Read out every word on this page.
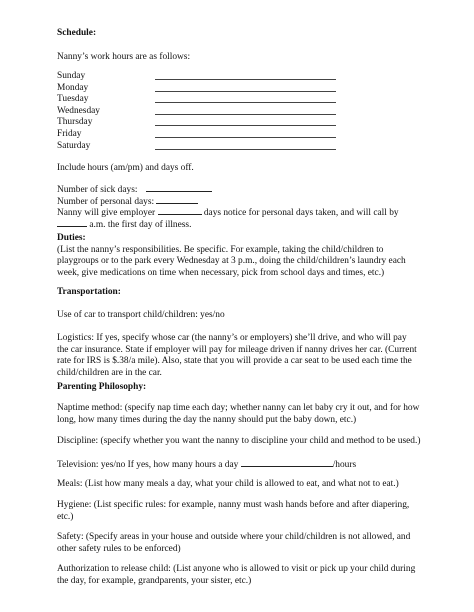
Schedule:

Nanny’s work hours are as follows:

Sunday
Monday
Tuesday
Wednesday
Thursday
Friday
Saturday

Include hours (am/pm) and days off.

Number of sick days:

Number of personal days:

Nanny will give employer	days notice for personal days taken, and will call by

a.m. the first day of illness.

Duties:

(List the nanny’s responsibilities. Be specific. For example, taking the child/children to

playgroups or to the park every Wednesday at 3 p.m., doing the child/children’s laundry each

week, give medications on time when necessary, pick from school days and times, etc.)

Transportation:

Use of car to transport child/children: yes/no

Logistics: If yes, specify whose car (the nanny’s or employers) she’ll drive, and who will pay

the car insurance. State if employer will pay for mileage driven if nanny drives her car. (Current

rate for IRS is $.38/a mile). Also, state that you will provide a car seat to be used each time the

child/children are in the car.

Parenting Philosophy:

Naptime method: (specify nap time each day; whether nanny can let baby cry it out, and for how

long, how many times during the day the nanny should put the baby down, etc.)

Discipline: (specify whether you want the nanny to discipline your child and method to be used.)

Television: yes/no If yes, how many hours a day	/hours

Meals: (List how many meals a day, what your child is allowed to eat, and what not to eat.)

Hygiene: (List specific rules: for example, nanny must wash hands before and after diapering,

etc.)

Safety: (Specify areas in your house and outside where your child/children is not allowed, and

other safety rules to be enforced)

Authorization to release child: (List anyone who is allowed to visit or pick up your child during

the day, for example, grandparents, your sister, etc.)
